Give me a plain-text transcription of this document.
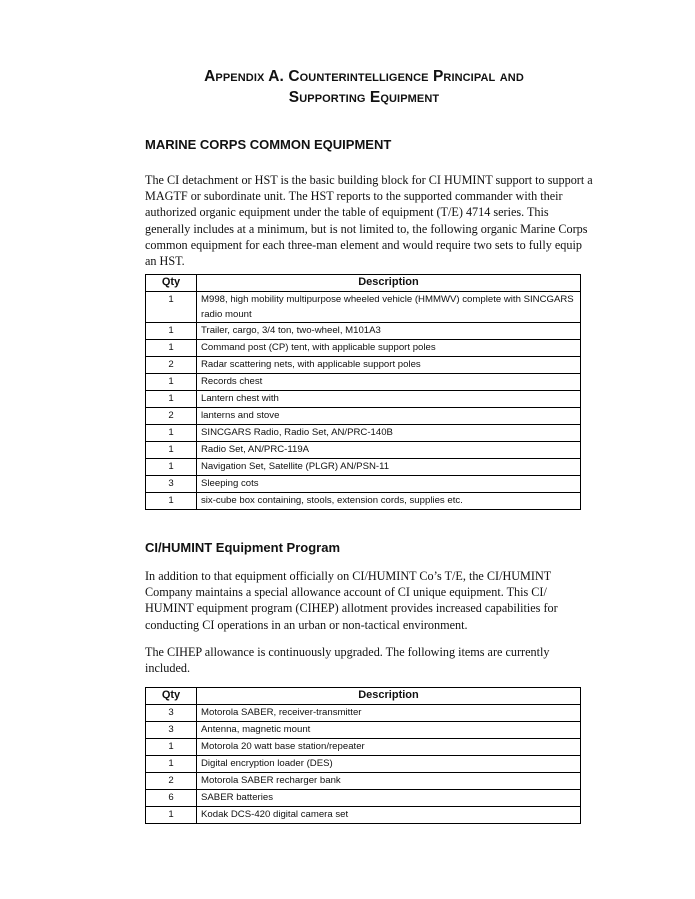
Appendix A. Counterintelligence Principal and
Supporting Equipment
MARINE CORPS COMMON EQUIPMENT

The CI detachment or HST is the basic building block for CI HUMINT support to support a MAGTF or subordinate unit. The HST reports to the supported commander with their authorized organic equipment under the table of equipment (T/E) 4714 series. This generally includes at a minimum, but is not limited to, the following organic Marine Corps common equipment for each three-man element and would require two sets to fully equip an HST.

Qty	Description
1	M998, high mobility multipurpose wheeled vehicle (HMMWV) complete with SINCGARS radio mount
1	Trailer, cargo, 3/4 ton, two-wheel, M101A3
1	Command post (CP) tent, with applicable support poles
2	Radar scattering nets, with applicable support poles
1	Records chest
1	Lantern chest with
2	lanterns and stove
1	SINCGARS Radio, Radio Set, AN/PRC-140B
1	Radio Set, AN/PRC-119A
1	Navigation Set, Satellite (PLGR) AN/PSN-11
3	Sleeping cots
1	six-cube box containing, stools, extension cords, supplies etc.
CI/HUMINT Equipment Program

In addition to that equipment officially on CI/HUMINT Co’s T/E, the CI/HUMINT Company maintains a special allowance account of CI unique equipment. This CI/ HUMINT equipment program (CIHEP) allotment provides increased capabilities for conducting CI operations in an urban or non-tactical environment.

The CIHEP allowance is continuously upgraded. The following items are currently included.

Qty	Description
3	Motorola SABER, receiver-transmitter
3	Antenna, magnetic mount
1	Motorola 20 watt base station/repeater
1	Digital encryption loader (DES)
2	Motorola SABER recharger bank
6	SABER batteries
1	Kodak DCS-420 digital camera set
